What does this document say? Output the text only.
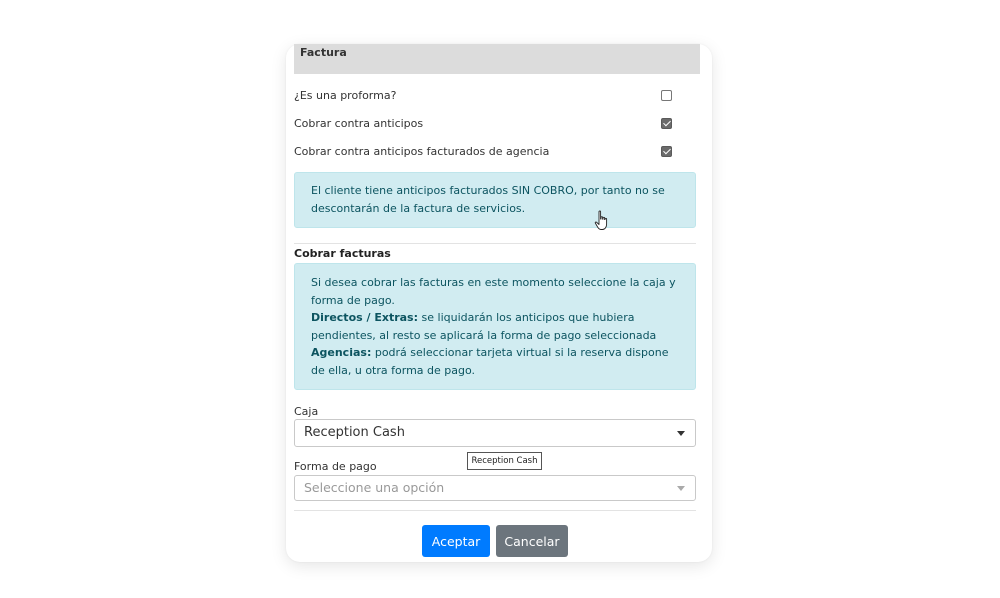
Factura
¿Es una proforma?
Cobrar contra anticipos
Cobrar contra anticipos facturados de agencia
El cliente tiene anticipos facturados SIN COBRO, por tanto no se descontarán de la factura de servicios.
Cobrar facturas
Si desea cobrar las facturas en este momento seleccione la caja y forma de pago.
Directos / Extras: se liquidarán los anticipos que hubiera pendientes, al resto se aplicará la forma de pago seleccionada
Agencias: podrá seleccionar tarjeta virtual si la reserva dispone de ella, u otra forma de pago.
Caja
Reception Cash
Forma de pago
Seleccione una opción
Reception Cash
Aceptar	Cancelar
